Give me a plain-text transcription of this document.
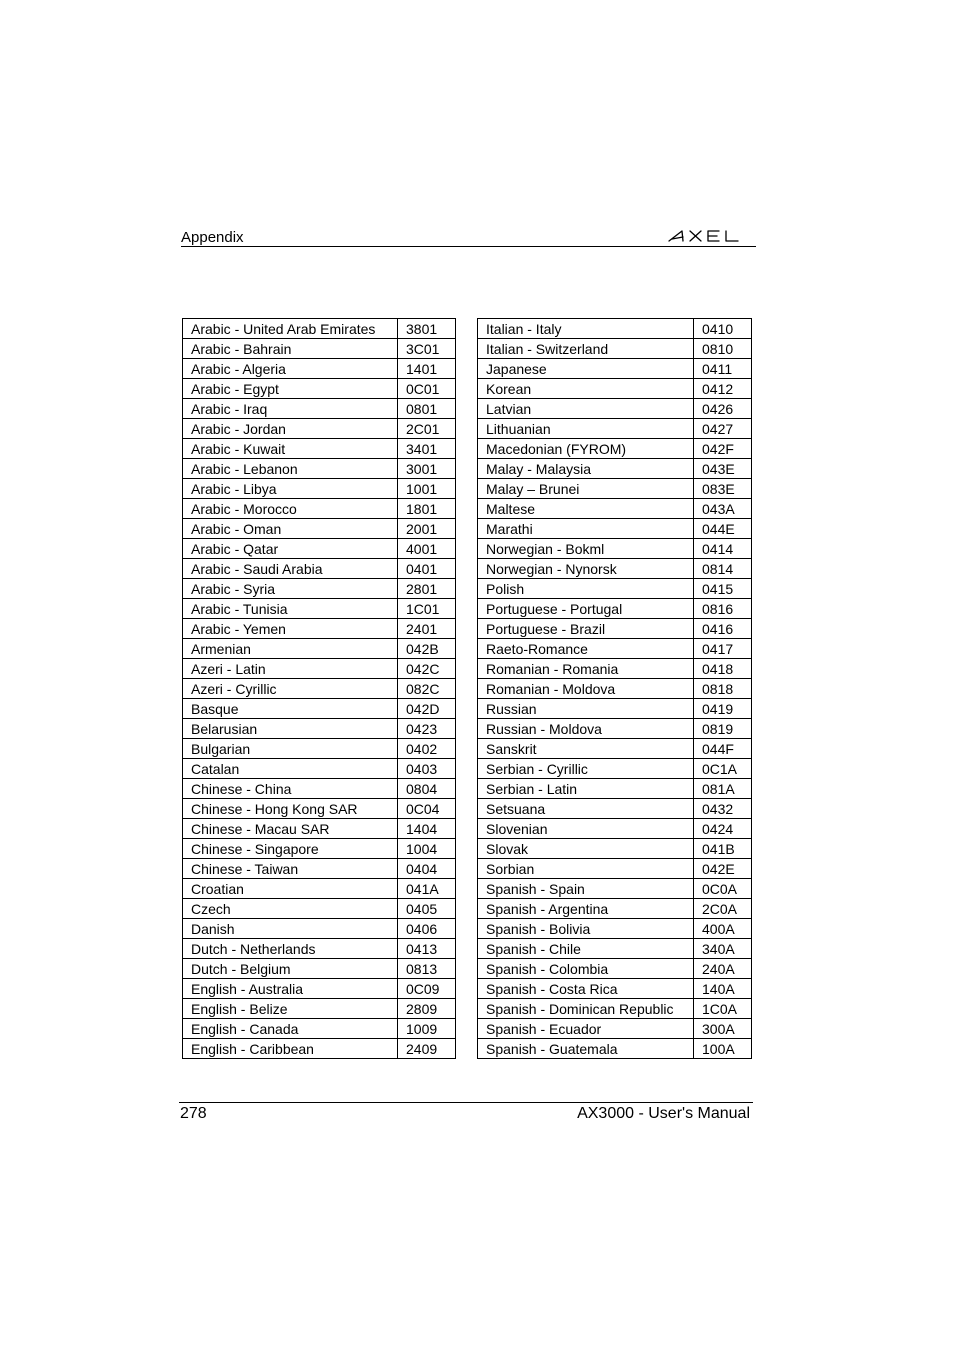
Appendix
Arabic - United Arab Emirates	3801
Arabic - Bahrain	3C01
Arabic - Algeria	1401
Arabic - Egypt	0C01
Arabic - Iraq	0801
Arabic - Jordan	2C01
Arabic - Kuwait	3401
Arabic - Lebanon	3001
Arabic - Libya	1001
Arabic - Morocco	1801
Arabic - Oman	2001
Arabic - Qatar	4001
Arabic - Saudi Arabia	0401
Arabic - Syria	2801
Arabic - Tunisia	1C01
Arabic - Yemen	2401
Armenian	042B
Azeri - Latin	042C
Azeri - Cyrillic	082C
Basque	042D
Belarusian	0423
Bulgarian	0402
Catalan	0403
Chinese - China	0804
Chinese - Hong Kong SAR	0C04
Chinese - Macau SAR	1404
Chinese - Singapore	1004
Chinese - Taiwan	0404
Croatian	041A
Czech	0405
Danish	0406
Dutch - Netherlands	0413
Dutch - Belgium	0813
English - Australia	0C09
English - Belize	2809
English - Canada	1009
English - Caribbean	2409
Italian - Italy	0410
Italian - Switzerland	0810
Japanese	0411
Korean	0412
Latvian	0426
Lithuanian	0427
Macedonian (FYROM)	042F
Malay - Malaysia	043E
Malay – Brunei	083E
Maltese	043A
Marathi	044E
Norwegian - Bokml	0414
Norwegian - Nynorsk	0814
Polish	0415
Portuguese - Portugal	0816
Portuguese - Brazil	0416
Raeto-Romance	0417
Romanian - Romania	0418
Romanian - Moldova	0818
Russian	0419
Russian - Moldova	0819
Sanskrit	044F
Serbian - Cyrillic	0C1A
Serbian - Latin	081A
Setsuana	0432
Slovenian	0424
Slovak	041B
Sorbian	042E
Spanish - Spain	0C0A
Spanish - Argentina	2C0A
Spanish - Bolivia	400A
Spanish - Chile	340A
Spanish - Colombia	240A
Spanish - Costa Rica	140A
Spanish - Dominican Republic	1C0A
Spanish - Ecuador	300A
Spanish - Guatemala	100A
278	AX3000 - User's Manual
